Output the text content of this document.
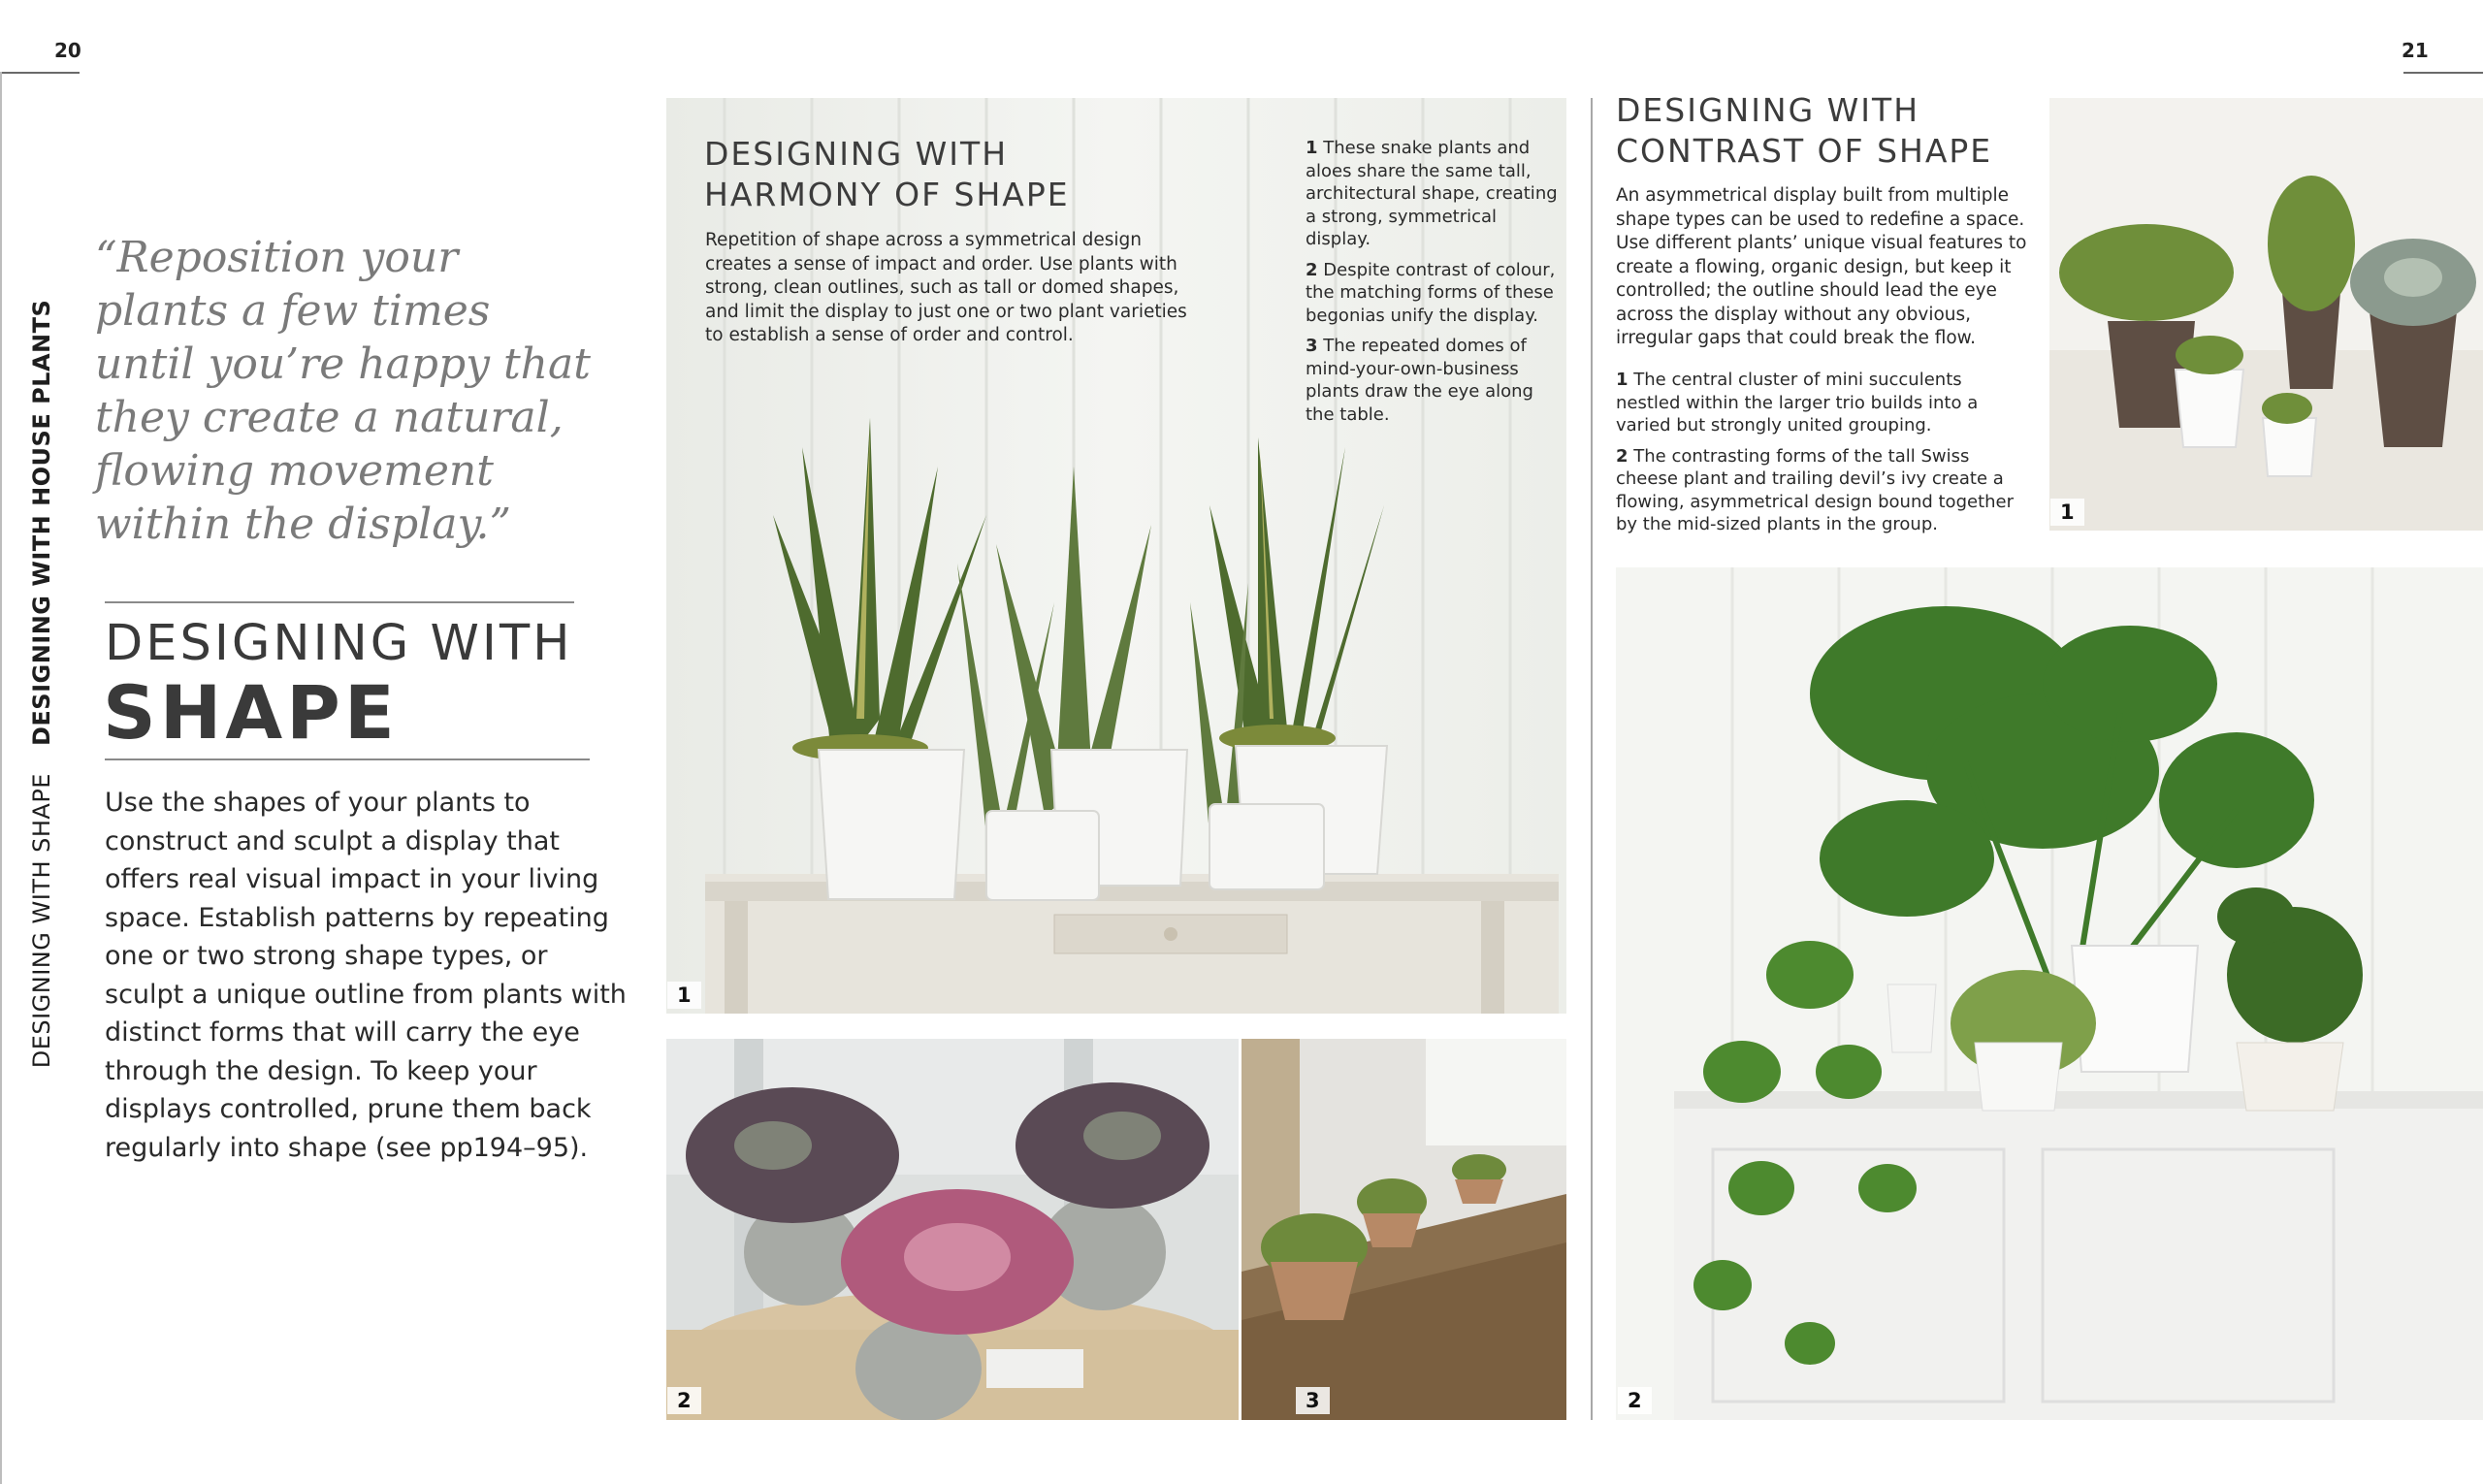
20	21
DESIGNING WITH SHAPE
DESIGNING WITH HOUSE PLANTS
“Reposition your plants a few times until you’re happy that they create a natural, flowing movement within the display.”
DESIGNING WITH
SHAPE
Use the shapes of your plants to construct and sculpt a display that offers real visual impact in your living space. Establish patterns by repeating one or two strong shape types, or sculpt a unique outline from plants with distinct forms that will carry the eye through the design. To keep your displays controlled, prune them back regularly into shape (see pp194–95).
1
DESIGNING WITH
HARMONY OF SHAPE
Repetition of shape across a symmetrical design creates a sense of impact and order. Use plants with strong, clean outlines, such as tall or domed shapes, and limit the display to just one or two plant varieties to establish a sense of order and control.
1 These snake plants and aloes share the same tall, architectural shape, creating a strong, symmetrical display.
2 Despite contrast of colour, the matching forms of these begonias unify the display.
3 The repeated domes of mind-your-own-business plants draw the eye along the table.
2	3
DESIGNING WITH
CONTRAST OF SHAPE
An asymmetrical display built from multiple shape types can be used to redefine a space. Use different plants’ unique visual features to create a flowing, organic design, but keep it controlled; the outline should lead the eye across the display without any obvious, irregular gaps that could break the flow.
1 The central cluster of mini succulents nestled within the larger trio builds into a varied but strongly united grouping.
2 The contrasting forms of the tall Swiss cheese plant and trailing devil’s ivy create a flowing, asymmetrical design bound together by the mid-sized plants in the group.
1
2
